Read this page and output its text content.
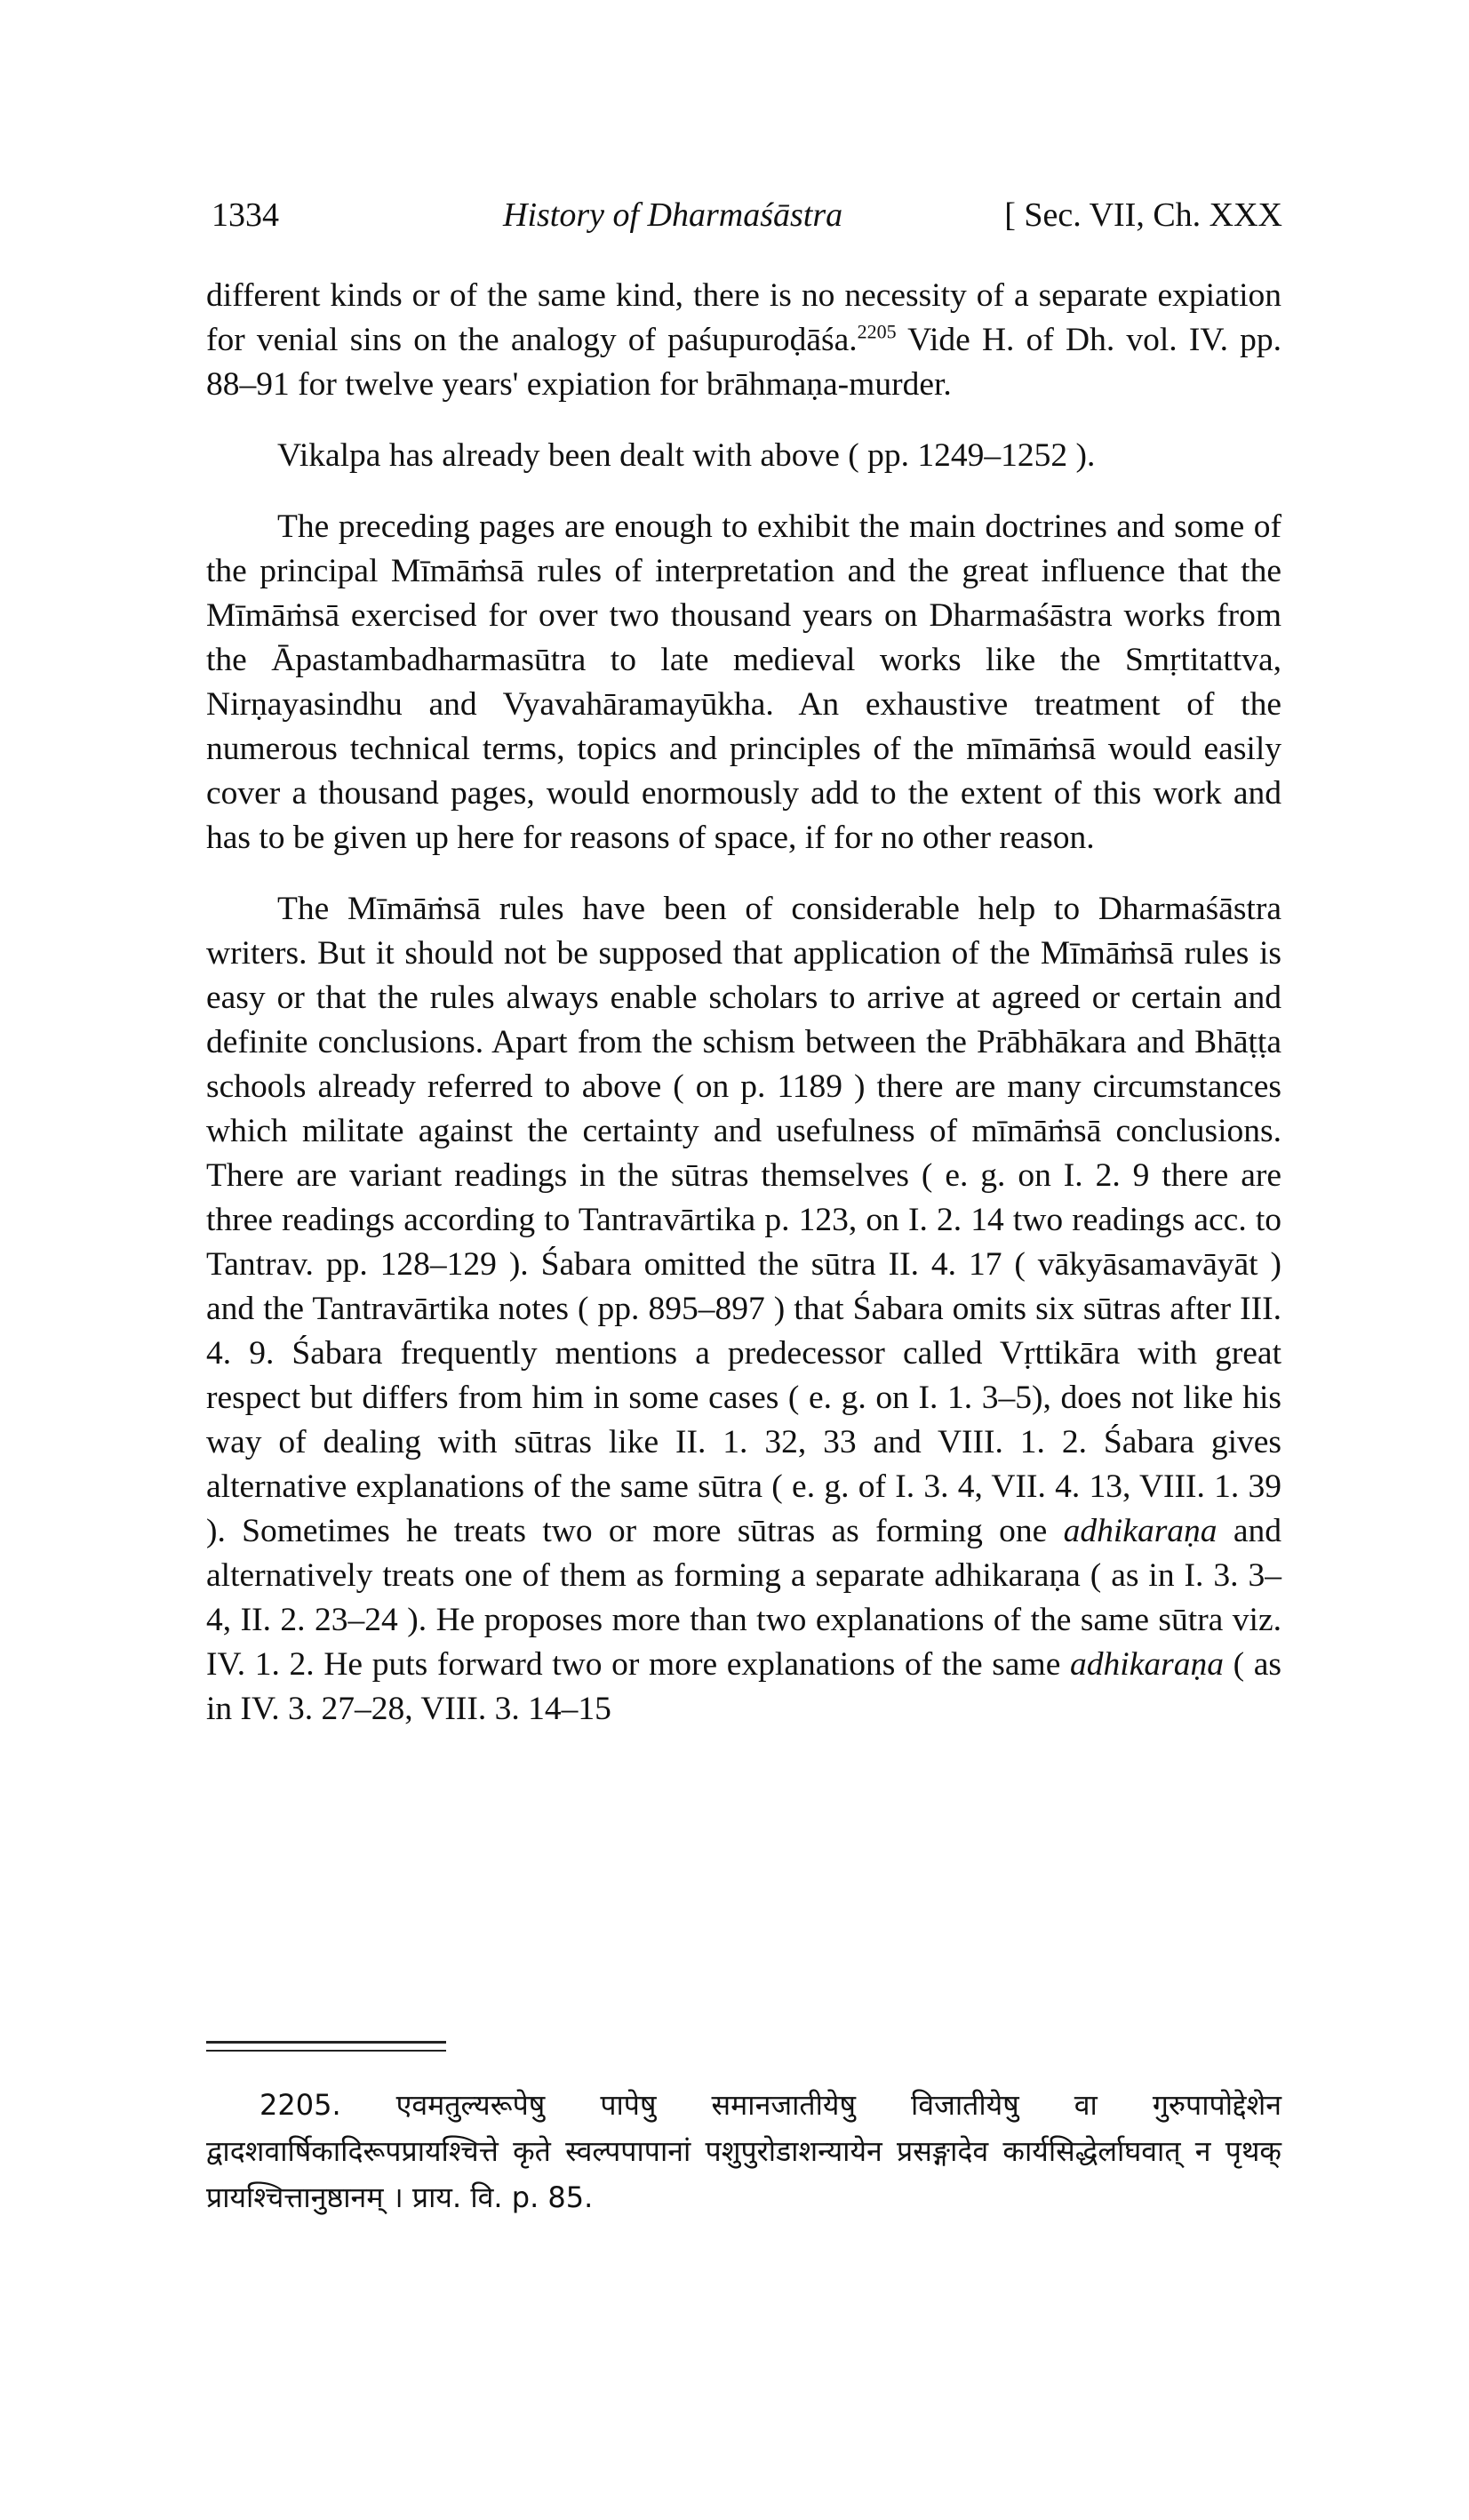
1334	History of Dharmaśāstra	[ Sec. VII, Ch. XXX

different kinds or of the same kind, there is no necessity of a separate expiation for venial sins on the analogy of paśupuroḍāśa.$^{2205}$ Vide H. of Dh. vol. IV. pp. 88–91 for twelve years' expiation for brāhmaṇa-murder.

Vikalpa has already been dealt with above ( pp. 1249–1252 ).

The preceding pages are enough to exhibit the main doctrines and some of the principal Mīmāṁsā rules of interpretation and the great influence that the Mīmāṁsā exercised for over two thousand years on Dharmaśāstra works from the Āpastambadharmasūtra to late medieval works like the Smṛtitattva, Nirṇayasindhu and Vyavahāramayūkha. An exhaustive treatment of the numerous technical terms, topics and principles of the mīmāṁsā would easily cover a thousand pages, would enormously add to the extent of this work and has to be given up here for reasons of space, if for no other reason.

The Mīmāṁsā rules have been of considerable help to Dharmaśāstra writers. But it should not be supposed that application of the Mīmāṁsā rules is easy or that the rules always enable scholars to arrive at agreed or certain and definite conclusions. Apart from the schism between the Prābhākara and Bhāṭṭa schools already referred to above ( on p. 1189 ) there are many circumstances which militate against the certainty and usefulness of mīmāṁsā conclusions. There are variant readings in the sūtras themselves ( e. g. on I. 2. 9 there are three readings according to Tantravārtika p. 123, on I. 2. 14 two readings acc. to Tantrav. pp. 128–129 ). Śabara omitted the sūtra II. 4. 17 ( vākyāsamavāyāt ) and the Tantravārtika notes ( pp. 895–897 ) that Śabara omits six sūtras after III. 4. 9. Śabara frequently mentions a predecessor called Vṛttikāra with great respect but differs from him in some cases ( e. g. on I. 1. 3–5), does not like his way of dealing with sūtras like II. 1. 32, 33 and VIII. 1. 2. Śabara gives alternative explanations of the same sūtra ( e. g. of I. 3. 4, VII. 4. 13, VIII. 1. 39 ). Sometimes he treats two or more sūtras as forming one adhikaraṇa and alternatively treats one of them as forming a separate adhikaraṇa ( as in I. 3. 3–4, II. 2. 23–24 ). He proposes more than two explanations of the same sūtra viz. IV. 1. 2. He puts forward two or more explanations of the same adhikaraṇa ( as in IV. 3. 27–28, VIII. 3. 14–15

2205. एवमतुल्यरूपेषु पापेषु समानजातीयेषु विजातीयेषु वा गुरुपापोद्देशेन द्वादशवार्षिकादिरूपप्रायश्चित्ते कृते स्वल्पपापानां पशुपुरोडाशन्यायेन प्रसङ्गादेव कार्यसिद्धेर्लाघवात् न पृथक् प्रायश्चित्तानुष्ठानम् । प्राय. वि. p. 85.
